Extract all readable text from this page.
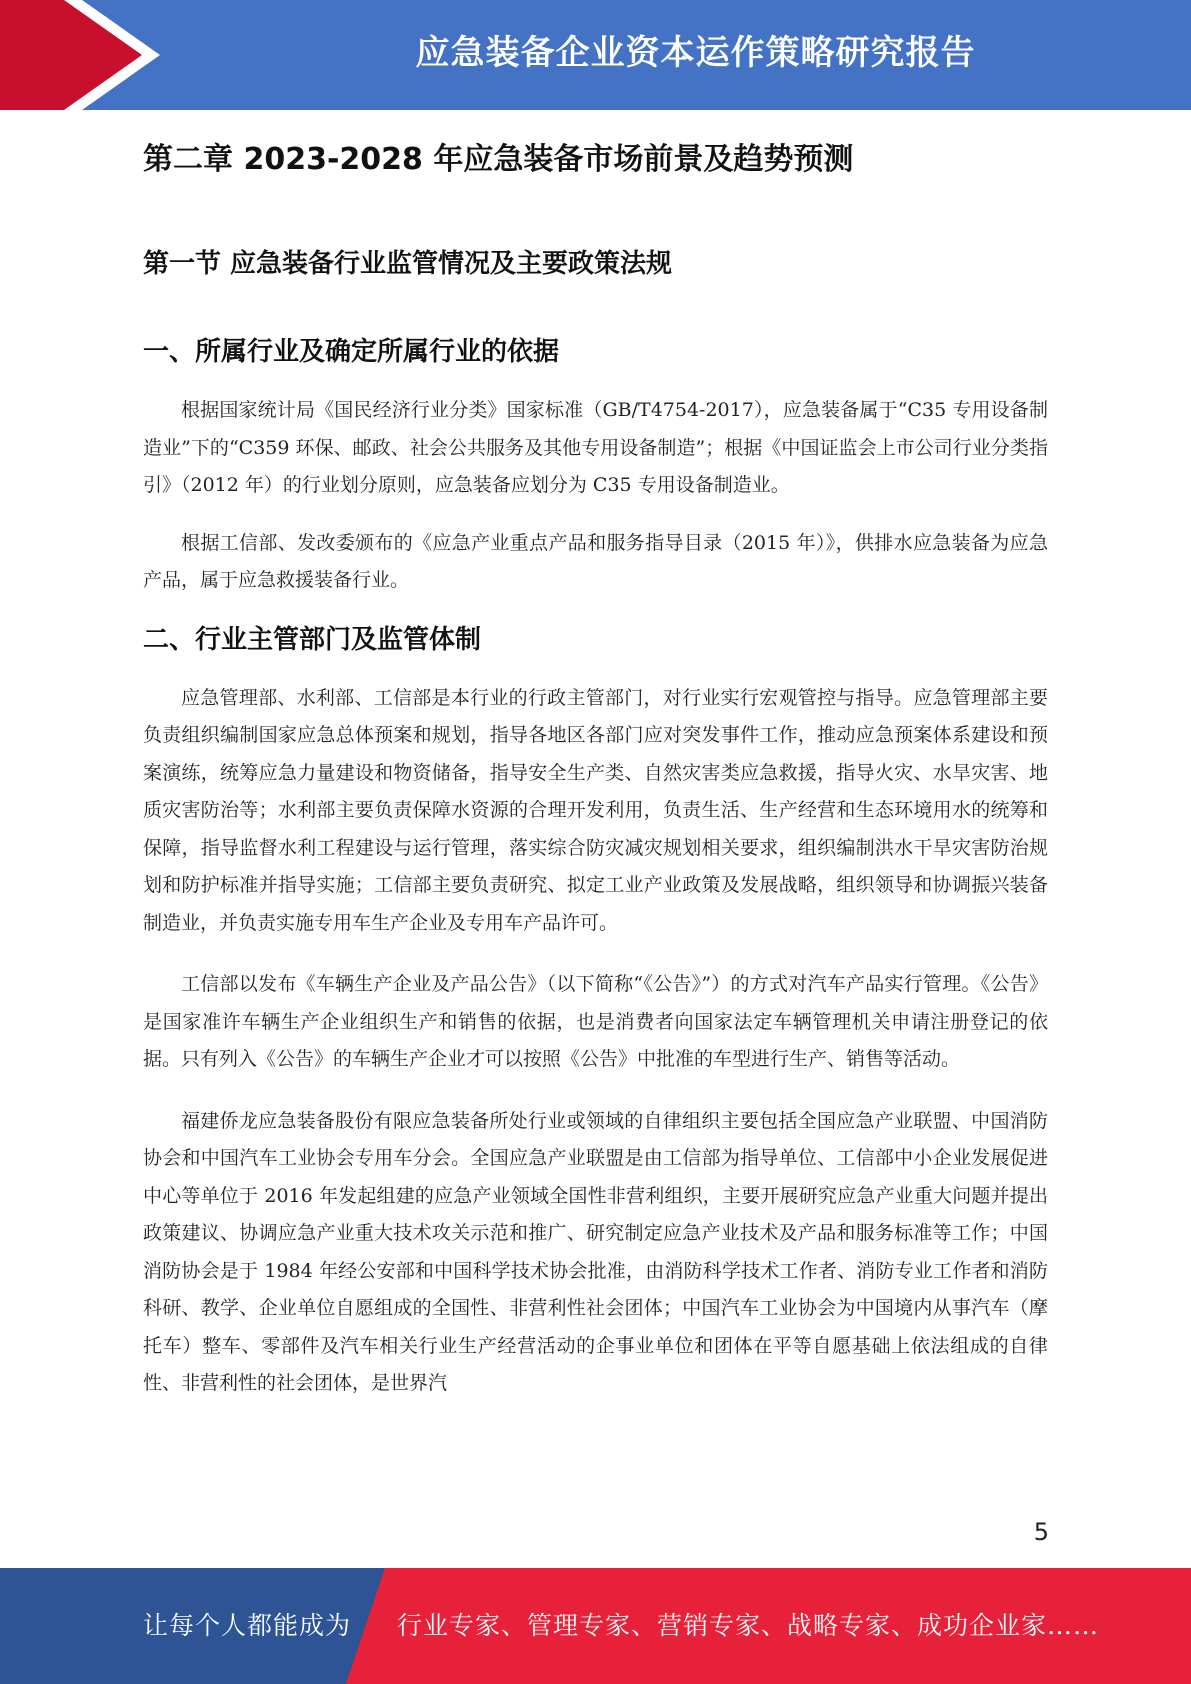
应急装备企业资本运作策略研究报告
第二章 2023-2028 年应急装备市场前景及趋势预测
第一节 应急装备行业监管情况及主要政策法规
一、所属行业及确定所属行业的依据

根据国家统计局《国民经济行业分类》国家标准（GB/T4754-2017），应急装备属于“C35 专用设备制造业”下的“C359 环保、邮政、社会公共服务及其他专用设备制造”；根据《中国证监会上市公司行业分类指引》（2012 年）的行业划分原则，应急装备应划分为 C35 专用设备制造业。

根据工信部、发改委颁布的《应急产业重点产品和服务指导目录（2015 年）》，供排水应急装备为应急产品，属于应急救援装备行业。

二、行业主管部门及监管体制

应急管理部、水利部、工信部是本行业的行政主管部门，对行业实行宏观管控与指导。应急管理部主要负责组织编制国家应急总体预案和规划，指导各地区各部门应对突发事件工作，推动应急预案体系建设和预案演练，统筹应急力量建设和物资储备，指导安全生产类、自然灾害类应急救援，指导火灾、水旱灾害、地质灾害防治等；水利部主要负责保障水资源的合理开发利用，负责生活、生产经营和生态环境用水的统筹和保障，指导监督水利工程建设与运行管理，落实综合防灾减灾规划相关要求，组织编制洪水干旱灾害防治规划和防护标准并指导实施；工信部主要负责研究、拟定工业产业政策及发展战略，组织领导和协调振兴装备制造业，并负责实施专用车生产企业及专用车产品许可。

工信部以发布《车辆生产企业及产品公告》（以下简称“《公告》”）的方式对汽车产品实行管理。《公告》是国家准许车辆生产企业组织生产和销售的依据，也是消费者向国家法定车辆管理机关申请注册登记的依据。只有列入《公告》的车辆生产企业才可以按照《公告》中批准的车型进行生产、销售等活动。

福建侨龙应急装备股份有限应急装备所处行业或领域的自律组织主要包括全国应急产业联盟、中国消防协会和中国汽车工业协会专用车分会。全国应急产业联盟是由工信部为指导单位、工信部中小企业发展促进中心等单位于 2016 年发起组建的应急产业领域全国性非营利组织，主要开展研究应急产业重大问题并提出政策建议、协调应急产业重大技术攻关示范和推广、研究制定应急产业技术及产品和服务标准等工作；中国消防协会是于 1984 年经公安部和中国科学技术协会批准，由消防科学技术工作者、消防专业工作者和消防科研、教学、企业单位自愿组成的全国性、非营利性社会团体；中国汽车工业协会为中国境内从事汽车（摩托车）整车、零部件及汽车相关行业生产经营活动的企事业单位和团体在平等自愿基础上依法组成的自律性、非营利性的社会团体，是世界汽

5
让每个人都能成为 行业专家、管理专家、营销专家、战略专家、成功企业家……
